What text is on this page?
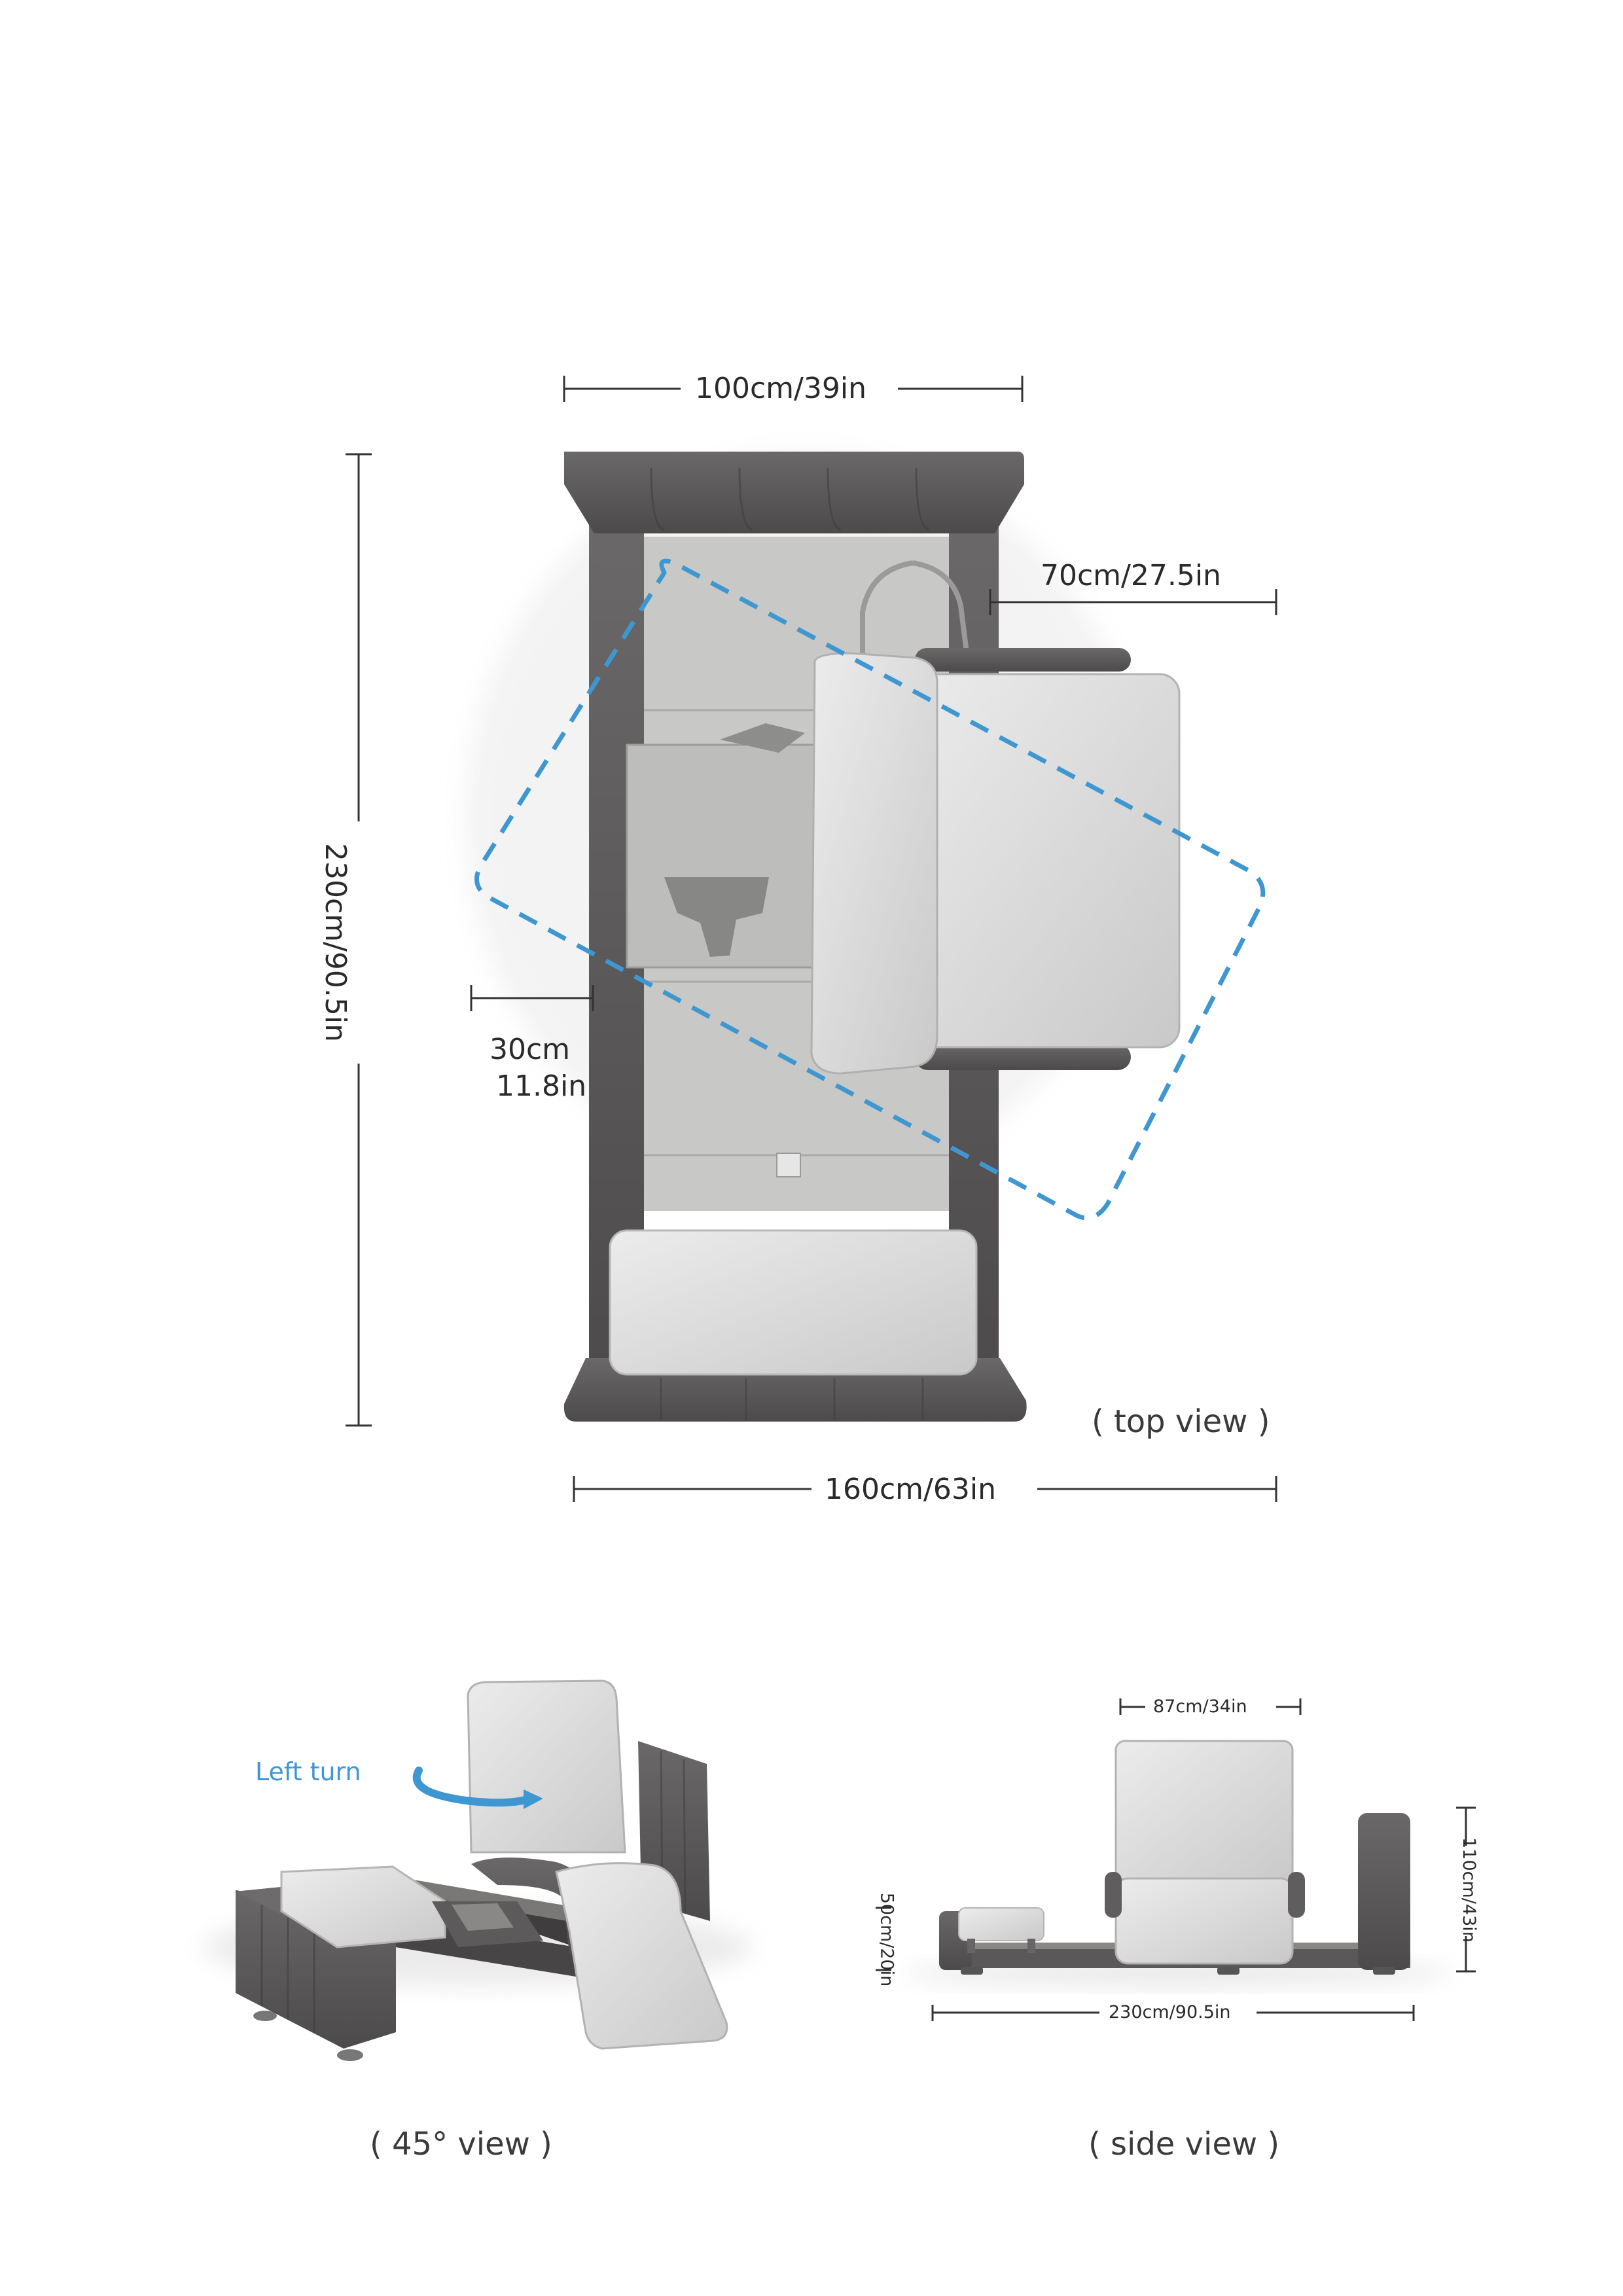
100cm/39in
70cm/27.5in
230cm/90.5in
30cm
11.8in
160cm/63in
( top view )
Left turn
( 45° view )
87cm/34in
110cm/43in
50cm/20in
230cm/90.5in
( side view )
